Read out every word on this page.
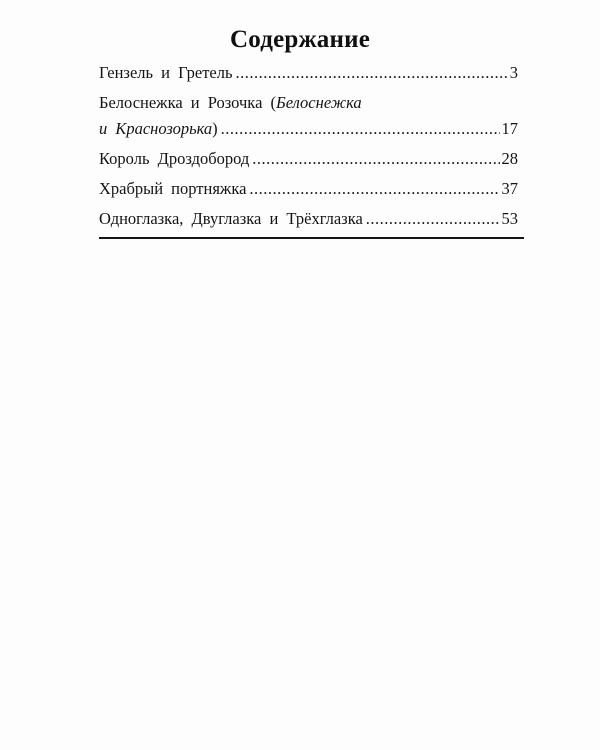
Содержание
Гензель и Гретель .....	3
Белоснежка и Розочка (Белоснежка
и Краснозорька) .....	17
Король Дроздобород .....	28
Храбрый портняжка .....	37
Одноглазка, Двуглазка и Трёхглазка .....	53
